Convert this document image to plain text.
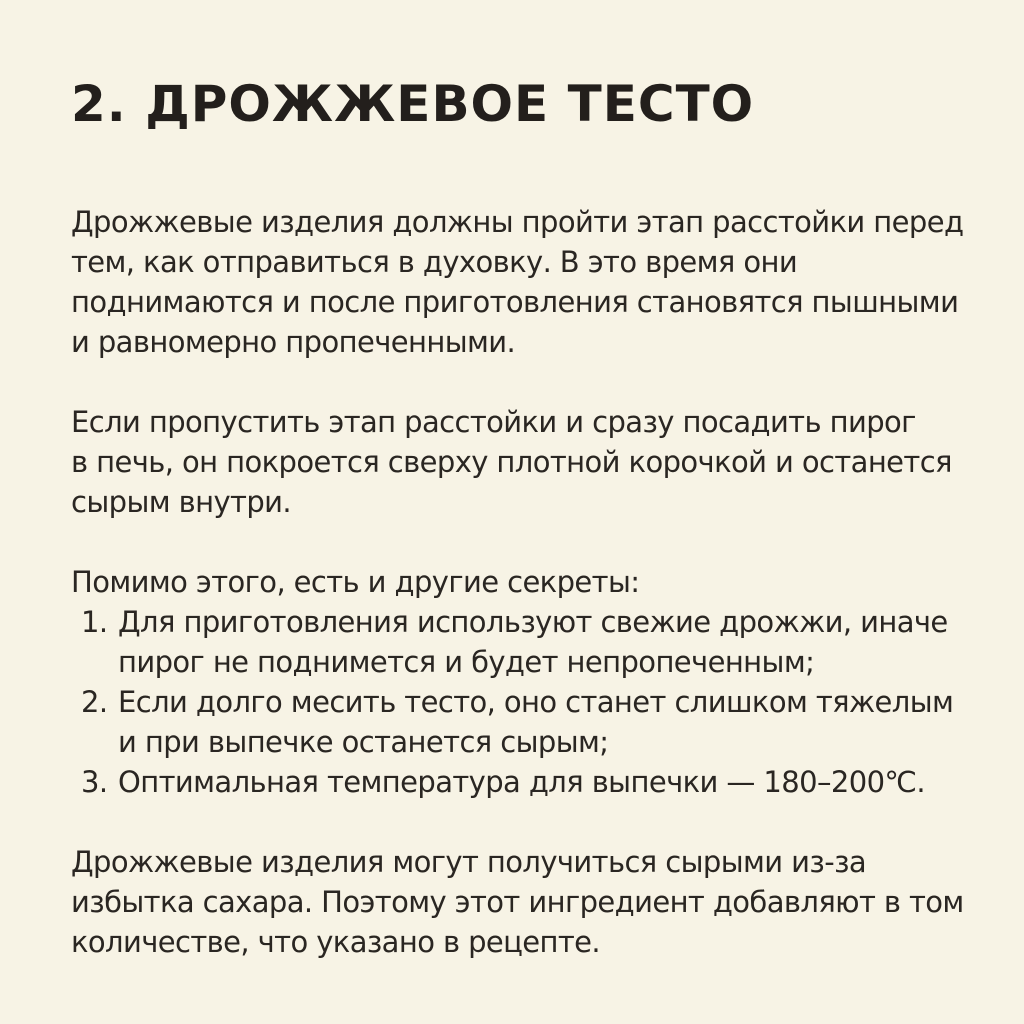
2. ДРОЖЖЕВОЕ ТЕСТО

Дрожжевые изделия должны пройти этап расстойки перед
тем, как отправиться в духовку. В это время они
поднимаются и после приготовления становятся пышными
и равномерно пропеченными.

Если пропустить этап расстойки и сразу посадить пирог
в печь, он покроется сверху плотной корочкой и останется
сырым внутри.

Помимо этого, есть и другие секреты:

1. Для приготовления используют свежие дрожжи, иначе
пирог не поднимется и будет непропеченным;
2. Если долго месить тесто, оно станет слишком тяжелым
и при выпечке останется сырым;
3. Оптимальная температура для выпечки — 180–200℃.

Дрожжевые изделия могут получиться сырыми из-за
избытка сахара. Поэтому этот ингредиент добавляют в том
количестве, что указано в рецепте.
